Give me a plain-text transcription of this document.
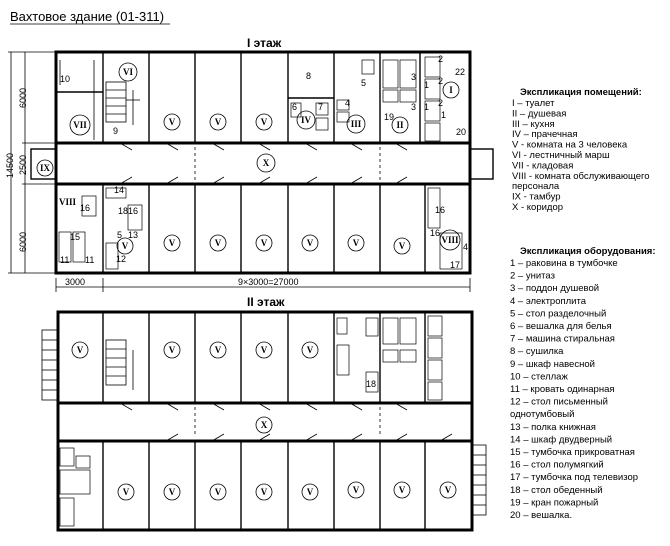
Вахтовое здание (01-311)
I этаж
II этаж
14500
6000
2500
6000
3000	9×3000=27000
VI
VII	V	V	V	IV	III	II
I
IX	X
V	V	V	V	V	V	V
VIII
VIII
V	V	V	V	V
X
V	V	V	V	V	V	V	V
10
9
8
5
4
6 7
3
3
19
22
20
1
1
1
2
2
2
14
16	18 16
5 13
11 11 12
15
16
16
4
17
18
Экспликация помещений:
I – туалет
II – душевая
III – кухня
IV – прачечная
V - комната на 3 человека
VI - лестничный марш
VII - кладовая
VIII - комната обслуживающего
персонала
IX - тамбур
X - коридор
Экспликация оборудования:
1 – раковина в тумбочке
2 – унитаз
3 – поддон душевой
4 – электроплита
5 – стол разделочный
6 – вешалка для белья
7 – машина стиральная
8 – сушилка
9 – шкаф навесной
10 – стеллаж
11 – кровать одинарная
12 – стол письменный
однотумбовый
13 – полка книжная
14 – шкаф двудверный
15 – тумбочка прикроватная
16 – стол полумягкий
17 – тумбочка под телевизор
18 – стол обеденный
19 – кран пожарный
20 – вешалка.
